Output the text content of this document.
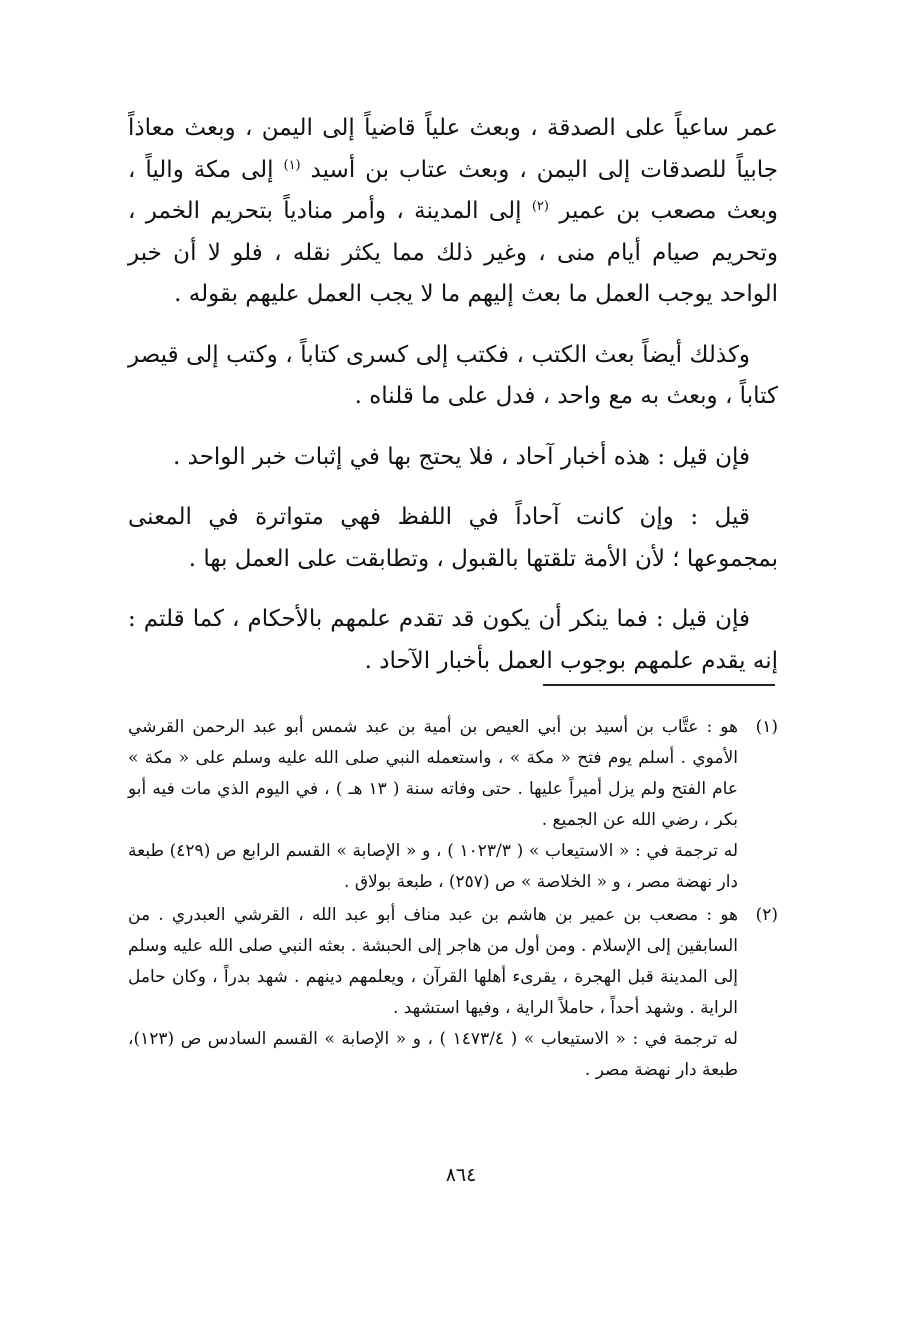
عمر ساعياً على الصدقة ، وبعث علياً قاضياً إلى اليمن ، وبعث معاذاً جابياً للصدقات إلى اليمن ، وبعث عتاب بن أسيد $^{(١)}$ إلى مكة والياً ، وبعث مصعب بن عمير $^{(٢)}$ إلى المدينة ، وأمر منادياً بتحريم الخمر ، وتحريم صيام أيام منى ، وغير ذلك مما يكثر نقله ، فلو لا أن خبر الواحد يوجب العمل ما بعث إليهم ما لا يجب العمل عليهم بقوله .

وكذلك أيضاً بعث الكتب ، فكتب إلى كسرى كتاباً ، وكتب إلى قيصر كتاباً ، وبعث به مع واحد ، فدل على ما قلناه .

فإن قيل : هذه أخبار آحاد ، فلا يحتج بها في إثبات خبر الواحد .

قيل : وإن كانت آحاداً في اللفظ فهي متواترة في المعنى بمجموعها ؛ لأن الأمة تلقتها بالقبول ، وتطابقت على العمل بها .

فإن قيل : فما ينكر أن يكون قد تقدم علمهم بالأحكام ، كما قلتم : إنه يقدم علمهم بوجوب العمل بأخبار الآحاد .

(١)
هو : عتَّاب بن أسيد بن أبي العيص بن أمية بن عبد شمس أبو عبد الرحمن القرشي الأموي . أسلم يوم فتح « مكة » ، واستعمله النبي صلى الله عليه وسلم على « مكة » عام الفتح ولم يزل أميراً عليها . حتى وفاته سنة ( ١٣ هـ ) ، في اليوم الذي مات فيه أبو بكر ، رضي الله عن الجميع .
له ترجمة في : « الاستيعاب » ( ١٠٢٣/٣ ) ، و « الإصابة » القسم الرابع ص (٤٢٩) طبعة دار نهضة مصر ، و « الخلاصة » ص (٢٥٧) ، طبعة بولاق .
(٢)
هو : مصعب بن عمير بن هاشم بن عبد مناف أبو عبد الله ، القرشي العبدري . من السابقين إلى الإسلام . ومن أول من هاجر إلى الحبشة . بعثه النبي صلى الله عليه وسلم إلى المدينة قبل الهجرة ، يقرىء أهلها القرآن ، ويعلمهم دينهم . شهد بدراً ، وكان حامل الراية . وشهد أحداً ، حاملاً الراية ، وفيها استشهد .
له ترجمة في : « الاستيعاب » ( ١٤٧٣/٤ ) ، و « الإصابة » القسم السادس ص (١٢٣)، طبعة دار نهضة مصر .
٨٦٤
